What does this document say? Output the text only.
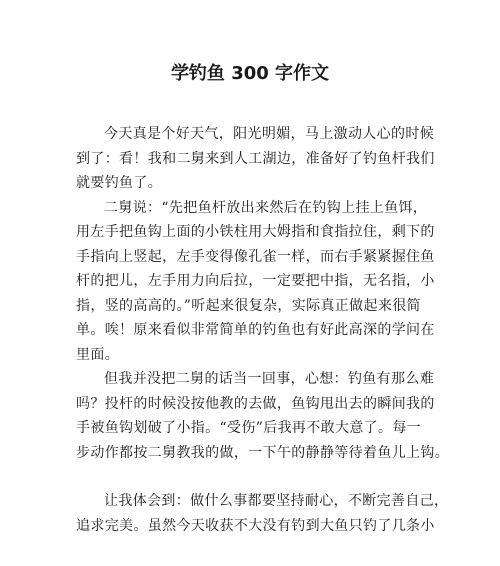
学钓鱼 300 字作文
今天真是个好天气，阳光明媚，马上激动人心的时候
到了：看！我和二舅来到人工湖边，准备好了钓鱼杆我们
就要钓鱼了。
二舅说：“先把鱼杆放出来然后在钓钩上挂上鱼饵，
用左手把鱼钩上面的小铁柱用大姆指和食指拉住，剩下的
手指向上竖起，左手变得像孔雀一样，而右手紧紧握住鱼
杆的把儿，左手用力向后拉，一定要把中指，无名指，小
指，竖的高高的。”听起来很复杂，实际真正做起来很简
单。唉！原来看似非常简单的钓鱼也有好此高深的学问在
里面。
但我并没把二舅的话当一回事，心想：钓鱼有那么难
吗？投杆的时候没按他教的去做，鱼钩甩出去的瞬间我的
手被鱼钩划破了小指。“受伤”后我再不敢大意了。每一
步动作都按二舅教我的做，一下午的静静等待着鱼儿上钩。
让我体会到：做什么事都要坚持耐心，不断完善自己，
追求完美。虽然今天收获不大没有钓到大鱼只钓了几条小
